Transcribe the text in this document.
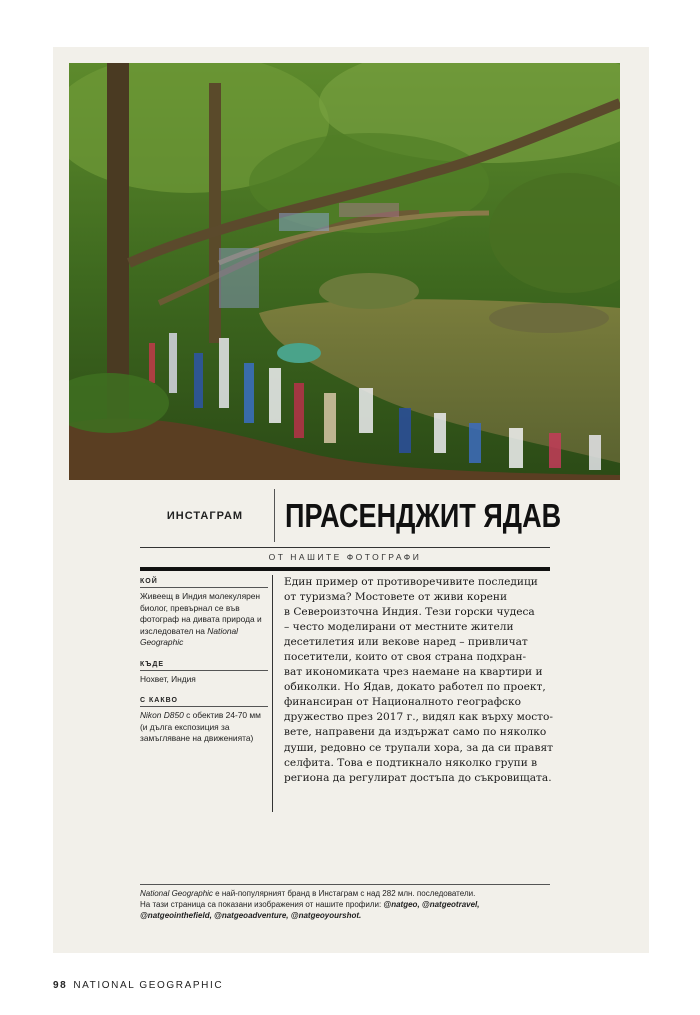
ИНСТАГРАМ	ПРАСЕНДЖИТ ЯДАВ
ОТ НАШИТЕ ФОТОГРАФИ
КОЙ
Живеещ в Индия молекулярен биолог, превърнал се във фотограф на дивата природа и изследовател на National Geographic
КЪДЕ
Нохвет, Индия
С КАКВО
Nikon D850 с обектив 24-70 мм (и дълга експозиция за замъгляване на движенията)
Един пример от противоречивите последици
от туризма? Мостовете от живи корени
в Североизточна Индия. Тези горски чудеса
– често моделирани от местните жители
десетилетия или векове наред – привличат
посетители, които от своя страна подхран-
ват икономиката чрез наемане на квартири и
обиколки. Но Ядав, докато работел по проект,
финансиран от Националното географско
дружество през 2017 г., видял как върху мосто-
вете, направени да издържат само по няколко
души, редовно се трупали хора, за да си правят
селфита. Това е подтикнало няколко групи в
региона да регулират достъпа до съкровищата.
National Geographic е най-популярният бранд в Инстаграм с над 282 млн. последователи.
На тази страница са показани изображения от нашите профили: @natgeo, @natgeotravel,
@natgeointhefield, @natgeoadventure, @natgeoyourshot.
98 NATIONAL GEOGRAPHIC
